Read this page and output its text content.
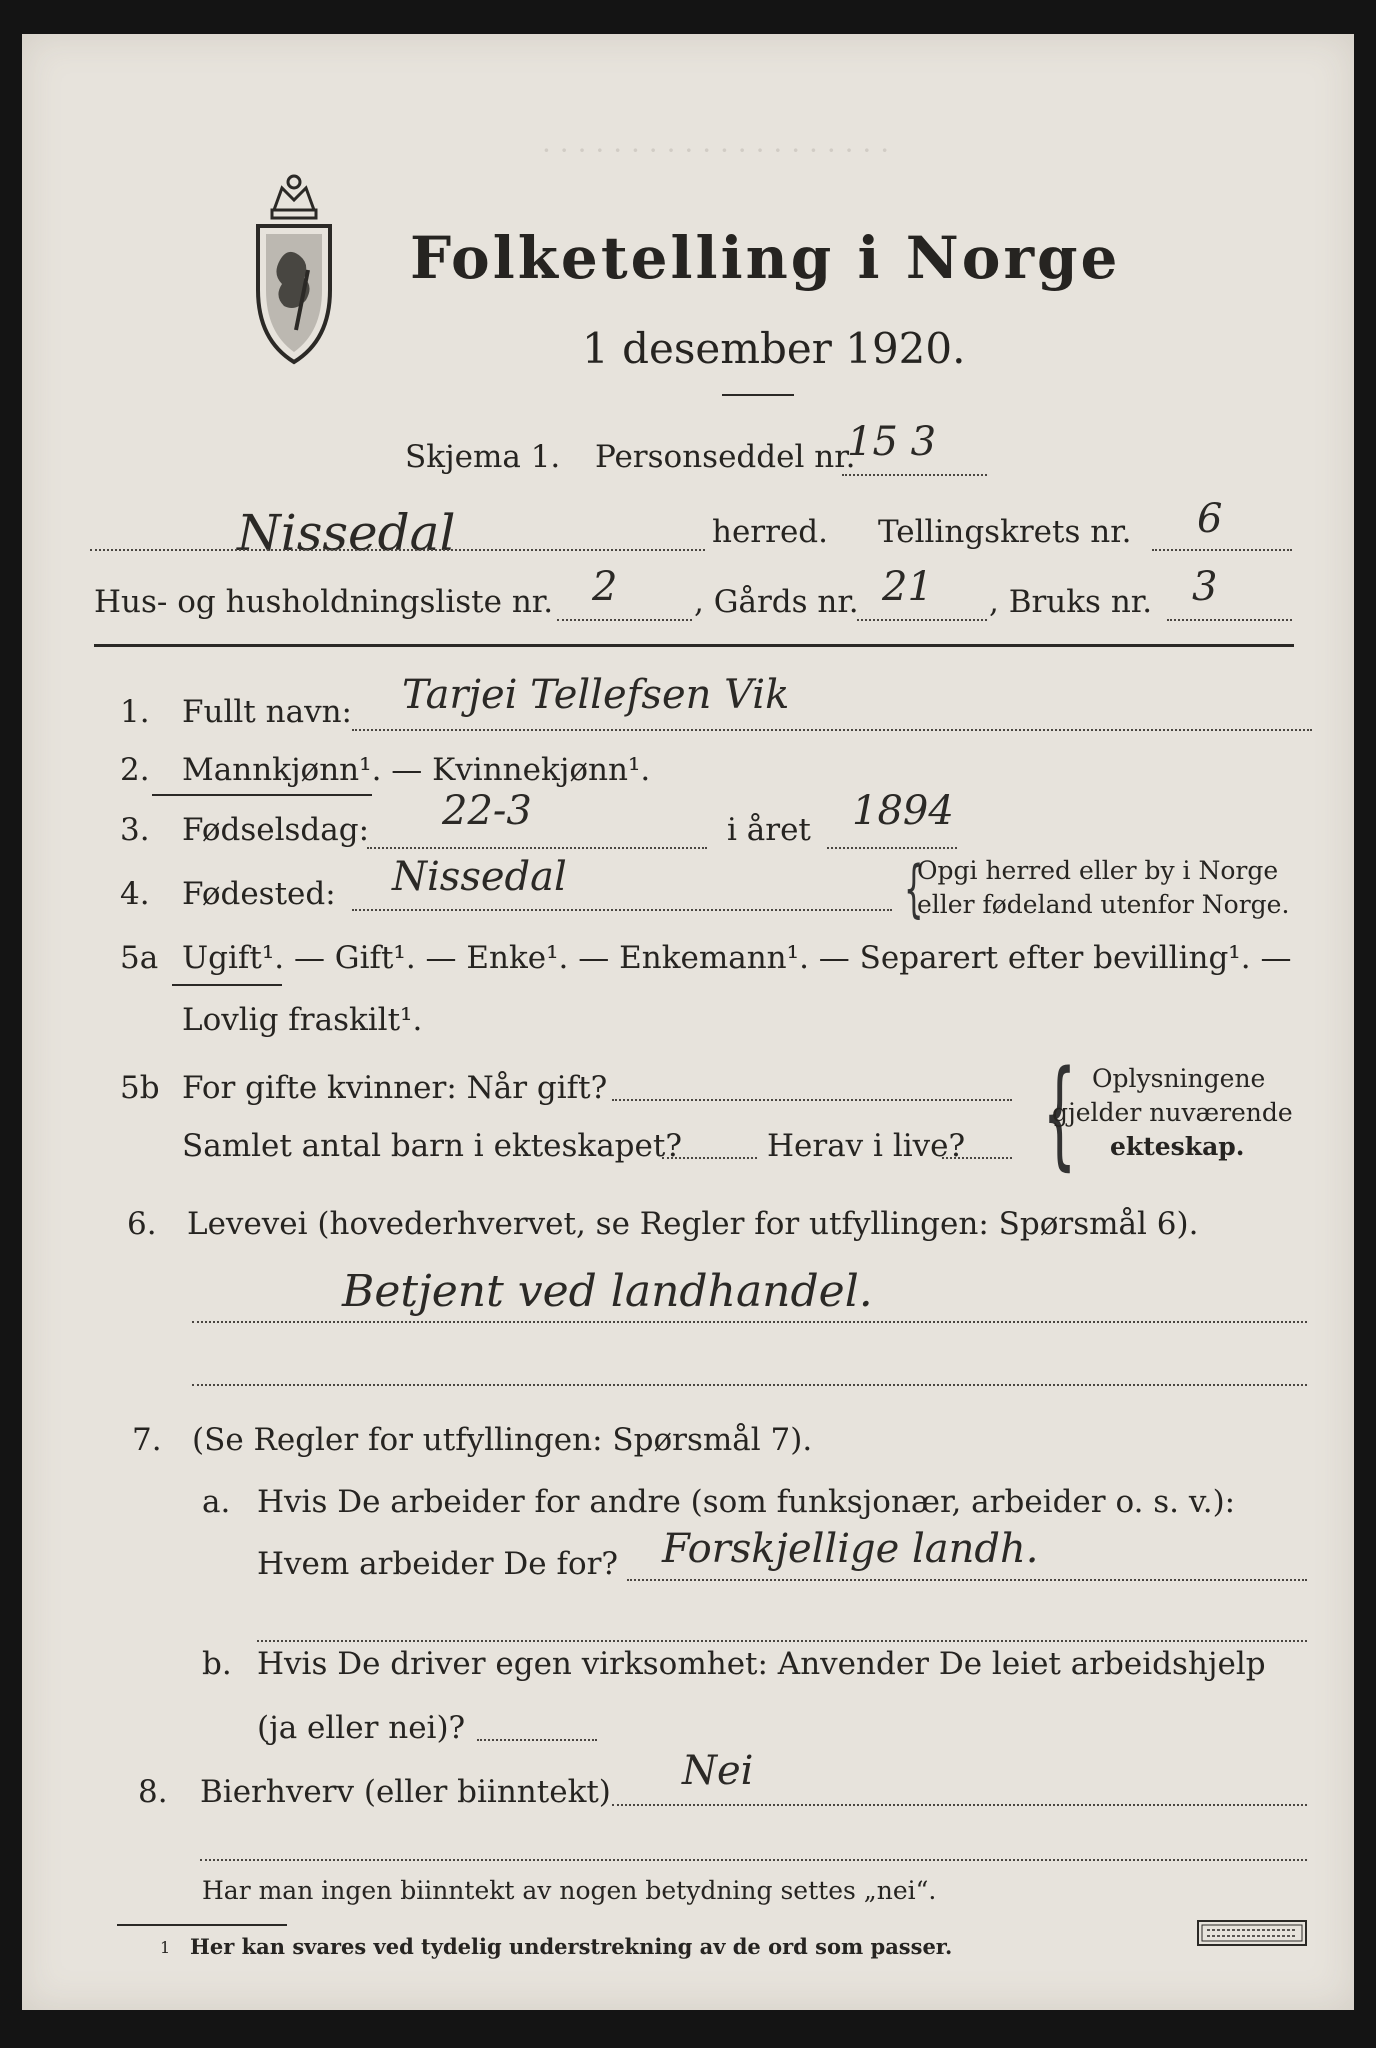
· · · · · · · · · · · · · · · · · · · ·
Folketelling i Norge
1 desember 1920.
Skjema 1. Personseddel nr.
15 3
Nissedal	herred. Tellingskrets nr. 6
Hus- og husholdningsliste nr. 2 , Gårds nr. 21 , Bruks nr. 3
1. Fullt navn: Tarjei Tellefsen Vik
2. Mannkjønn¹. — Kvinnekjønn¹.
3. Fødselsdag: 22-3	i året 1894
4. Fødested: Nissedal	{
Opgi herred eller by i Norge
eller fødeland utenfor Norge.
5a Ugift¹. — Gift¹. — Enke¹. — Enkemann¹. — Separert efter bevilling¹. —
Lovlig fraskilt¹.
5b For gifte kvinner: Når gift?
Samlet antal barn i ekteskapet?	Herav i live? { Oplysningene
gjelder nuværende
ekteskap.
6. Levevei (hovederhvervet, se Regler for utfyllingen: Spørsmål 6).
Betjent ved landhandel.
7. (Se Regler for utfyllingen: Spørsmål 7).
a. Hvis De arbeider for andre (som funksjonær, arbeider o. s. v.):
Hvem arbeider De for? Forskjellige landh.
b. Hvis De driver egen virksomhet: Anvender De leiet arbeidshjelp
(ja eller nei)?
8. Bierhverv (eller biinntekt) Nei
Har man ingen biinntekt av nogen betydning settes „nei“.
1 Her kan svares ved tydelig understrekning av de ord som passer.
